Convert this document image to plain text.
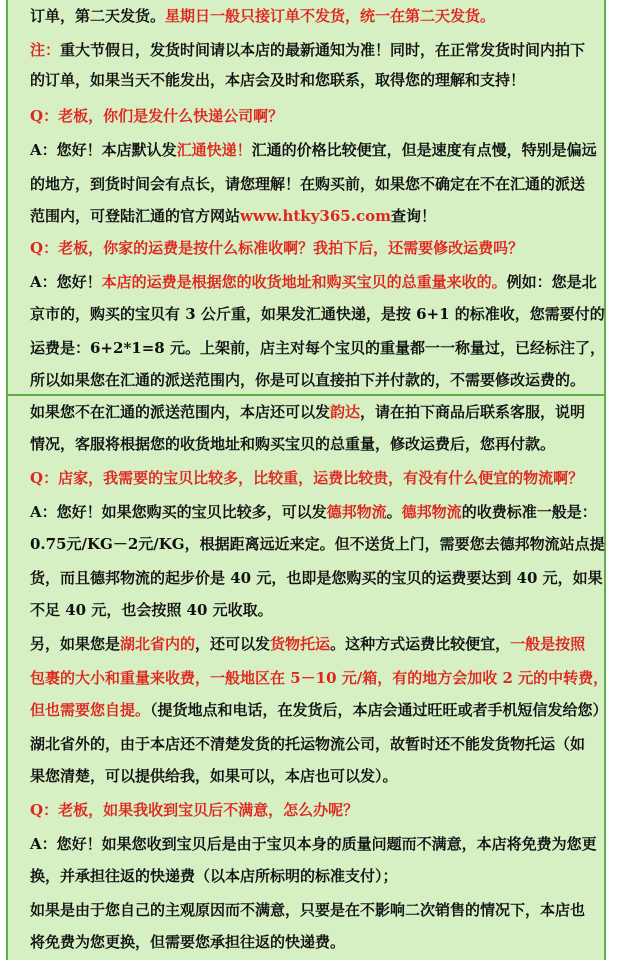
订单，第二天发货。星期日一般只接订单不发货，统一在第二天发货。
注：重大节假日，发货时间请以本店的最新通知为准！同时，在正常发货时间内拍下
的订单，如果当天不能发出，本店会及时和您联系，取得您的理解和支持！
Q：老板，你们是发什么快递公司啊？
A：您好！本店默认发汇通快递！汇通的价格比较便宜，但是速度有点慢，特别是偏远
的地方，到货时间会有点长，请您理解！在购买前，如果您不确定在不在汇通的派送
范围内，可登陆汇通的官方网站www.htky365.com查询！
Q：老板，你家的运费是按什么标准收啊？我拍下后，还需要修改运费吗？
A：您好！本店的运费是根据您的收货地址和购买宝贝的总重量来收的。例如：您是北
京市的，购买的宝贝有 3 公斤重，如果发汇通快递，是按 6+1 的标准收，您需要付的
运费是：6+2*1=8 元。上架前，店主对每个宝贝的重量都一一称量过，已经标注了，
所以如果您在汇通的派送范围内，你是可以直接拍下并付款的，不需要修改运费的。
如果您不在汇通的派送范围内，本店还可以发韵达，请在拍下商品后联系客服，说明
情况，客服将根据您的收货地址和购买宝贝的总重量，修改运费后，您再付款。
Q：店家，我需要的宝贝比较多，比较重，运费比较贵，有没有什么便宜的物流啊？
A：您好！如果您购买的宝贝比较多，可以发德邦物流。德邦物流的收费标准一般是：
0.75元/KG－2元/KG，根据距离远近来定。但不送货上门，需要您去德邦物流站点提
货，而且德邦物流的起步价是 40 元，也即是您购买的宝贝的运费要达到 40 元，如果
不足 40 元，也会按照 40 元收取。
另，如果您是湖北省内的，还可以发货物托运。这种方式运费比较便宜，一般是按照
包裹的大小和重量来收费，一般地区在 5－10 元/箱，有的地方会加收 2 元的中转费，
但也需要您自提。（提货地点和电话，在发货后，本店会通过旺旺或者手机短信发给您）
湖北省外的，由于本店还不清楚发货的托运物流公司，故暂时还不能发货物托运（如
果您清楚，可以提供给我，如果可以，本店也可以发）。
Q：老板，如果我收到宝贝后不满意，怎么办呢？
A：您好！如果您收到宝贝后是由于宝贝本身的质量问题而不满意，本店将免费为您更
换，并承担往返的快递费（以本店所标明的标准支付）；
如果是由于您自己的主观原因而不满意，只要是在不影响二次销售的情况下，本店也
将免费为您更换，但需要您承担往返的快递费。
